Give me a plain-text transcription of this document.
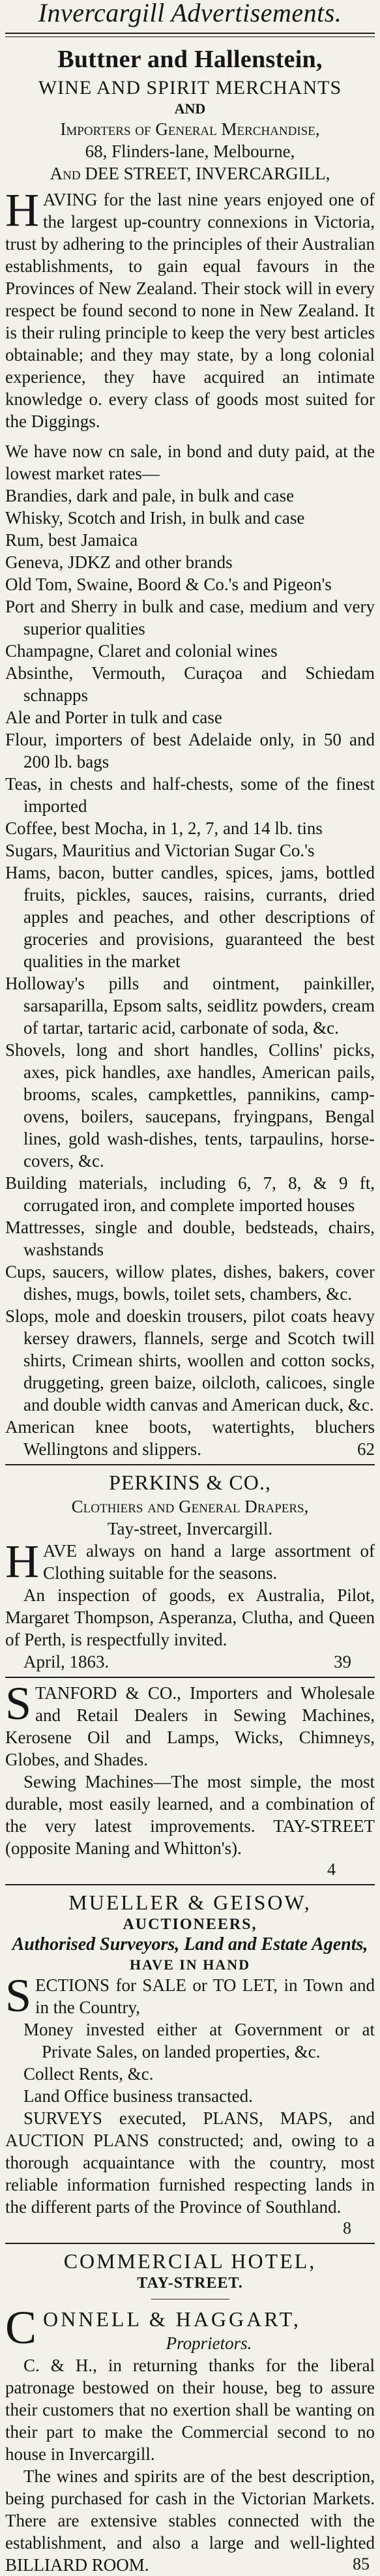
Invercargill Advertisements.
Buttner and Hallenstein,
WINE AND SPIRIT MERCHANTS
AND
Importers of General Merchandise,
68, Flinders-lane, Melbourne,
And DEE STREET, INVERCARGILL,
H AVING for the last nine years enjoyed one of the largest up-country connexions in Victoria, trust by adhering to the principles of their Australian establishments, to gain equal favours in the Provinces of New Zealand. Their stock will in every respect be found second to none in New Zealand. It is their ruling principle to keep the very best articles obtainable; and they may state, by a long colonial experience, they have acquired an intimate knowledge o. every class of goods most suited for the Diggings.
We have now cn sale, in bond and duty paid, at the lowest market rates—
Brandies, dark and pale, in bulk and case
Whisky, Scotch and Irish, in bulk and case
Rum, best Jamaica
Geneva, JDKZ and other brands
Old Tom, Swaine, Boord & Co.'s and Pigeon's
Port and Sherry in bulk and case, medium and very superior qualities
Champagne, Claret and colonial wines
Absinthe, Vermouth, Curaçoa and Schiedam schnapps
Ale and Porter in tulk and case
Flour, importers of best Adelaide only, in 50 and 200 lb. bags
Teas, in chests and half-chests, some of the finest imported
Coffee, best Mocha, in 1, 2, 7, and 14 lb. tins
Sugars, Mauritius and Victorian Sugar Co.'s
Hams, bacon, butter candles, spices, jams, bottled fruits, pickles, sauces, raisins, currants, dried apples and peaches, and other descriptions of groceries and provisions, guaranteed the best qualities in the market
Holloway's pills and ointment, painkiller, sarsaparilla, Epsom salts, seidlitz powders, cream of tartar, tartaric acid, carbonate of soda, &c.
Shovels, long and short handles, Collins' picks, axes, pick handles, axe handles, American pails, brooms, scales, campkettles, pannikins, camp-ovens, boilers, saucepans, fryingpans, Bengal lines, gold wash-dishes, tents, tarpaulins, horse-covers, &c.
Building materials, including 6, 7, 8, & 9 ft, corrugated iron, and complete imported houses
Mattresses, single and double, bedsteads, chairs, washstands
Cups, saucers, willow plates, dishes, bakers, cover dishes, mugs, bowls, toilet sets, chambers, &c.
Slops, mole and doeskin trousers, pilot coats heavy kersey drawers, flannels, serge and Scotch twill shirts, Crimean shirts, woollen and cotton socks, druggeting, green baize, oilcloth, calicoes, single and double width canvas and American duck, &c.
American knee boots, watertights, bluchers Wellingtons and slippers.	62
PERKINS & CO.,
Clothiers and General Drapers,
Tay-street, Invercargill.
H AVE always on hand a large assortment of Clothing suitable for the seasons.
An inspection of goods, ex Australia, Pilot, Margaret Thompson, Asperanza, Clutha, and Queen of Perth, is respectfully invited.
April, 1863.	39
S TANFORD & CO., Importers and Wholesale and Retail Dealers in Sewing Machines, Kerosene Oil and Lamps, Wicks, Chimneys, Globes, and Shades.
Sewing Machines—The most simple, the most durable, most easily learned, and a combination of the very latest improvements. TAY-STREET (opposite Maning and Whitton's).
4
MUELLER & GEISOW,
AUCTIONEERS,
Authorised Surveyors, Land and Estate Agents,
HAVE IN HAND
S ECTIONS for SALE or TO LET, in Town and in the Country,
Money invested either at Government or at Private Sales, on landed properties, &c.
Collect Rents, &c.
Land Office business transacted.
SURVEYS executed, PLANS, MAPS, and AUCTION PLANS constructed; and, owing to a thorough acquaintance with the country, most reliable information furnished respecting lands in the different parts of the Province of Southland.
8
COMMERCIAL HOTEL,
TAY-STREET.
C ONNELL & HAGGART,
Proprietors.
C. & H., in returning thanks for the liberal patronage bestowed on their house, beg to assure their customers that no exertion shall be wanting on their part to make the Commercial second to no house in Invercargill.
The wines and spirits are of the best description, being purchased for cash in the Victorian Markets. There are extensive stables connected with the establishment, and also a large and well-lighted BILLIARD ROOM.	85
